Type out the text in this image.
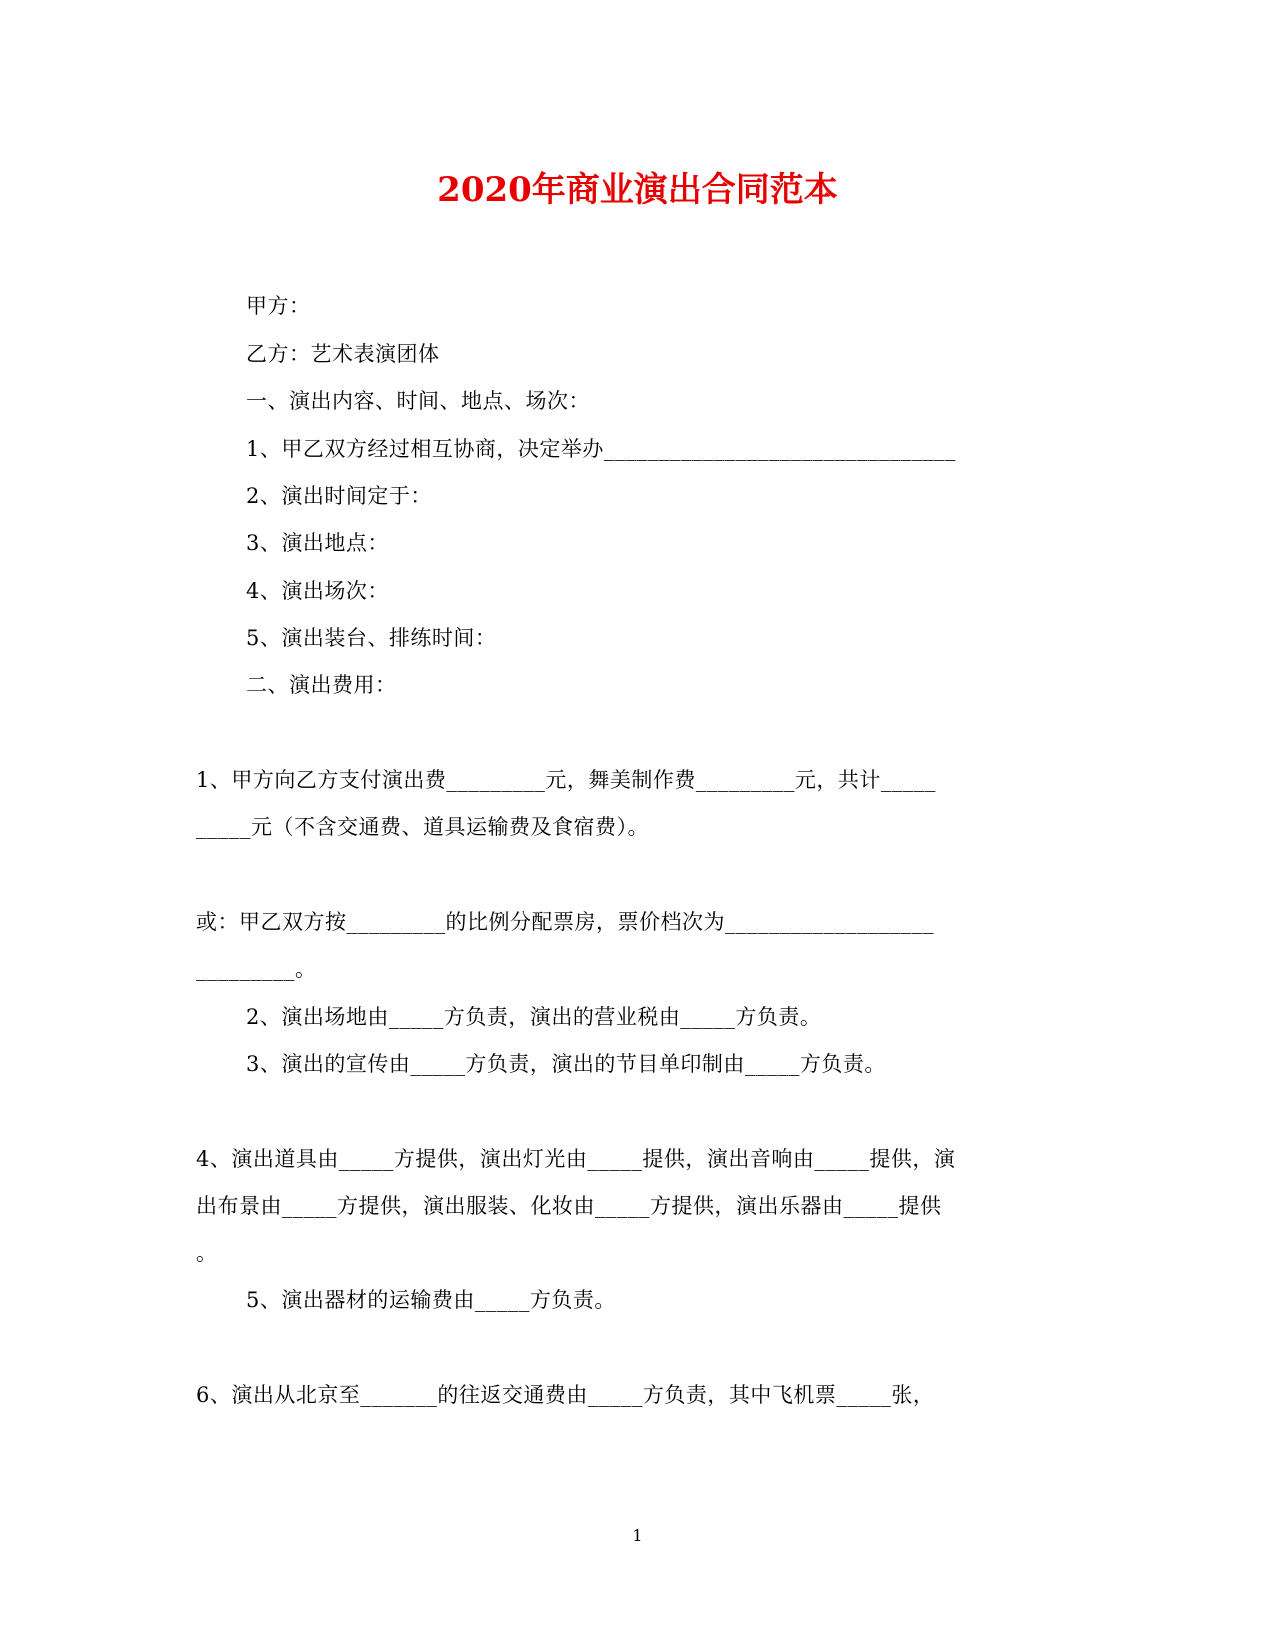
2020年商业演出合同范本
甲方：
乙方：艺术表演团体
一、演出内容、时间、地点、场次：
1、甲乙双方经过相互协商，决定举办________________________________
2、演出时间定于：
3、演出地点：
4、演出场次：
5、演出装台、排练时间：
二、演出费用：
1、甲方向乙方支付演出费_________元，舞美制作费_________元，共计_____
_____元（不含交通费、道具运输费及食宿费）。
或：甲乙双方按_________的比例分配票房，票价档次为___________________
_________。
2、演出场地由_____方负责，演出的营业税由_____方负责。
3、演出的宣传由_____方负责，演出的节目单印制由_____方负责。
4、演出道具由_____方提供，演出灯光由_____提供，演出音响由_____提供，演
出布景由_____方提供，演出服装、化妆由_____方提供，演出乐器由_____提供
。
5、演出器材的运输费由_____方负责。
6、演出从北京至_______的往返交通费由_____方负责，其中飞机票_____张，
1
